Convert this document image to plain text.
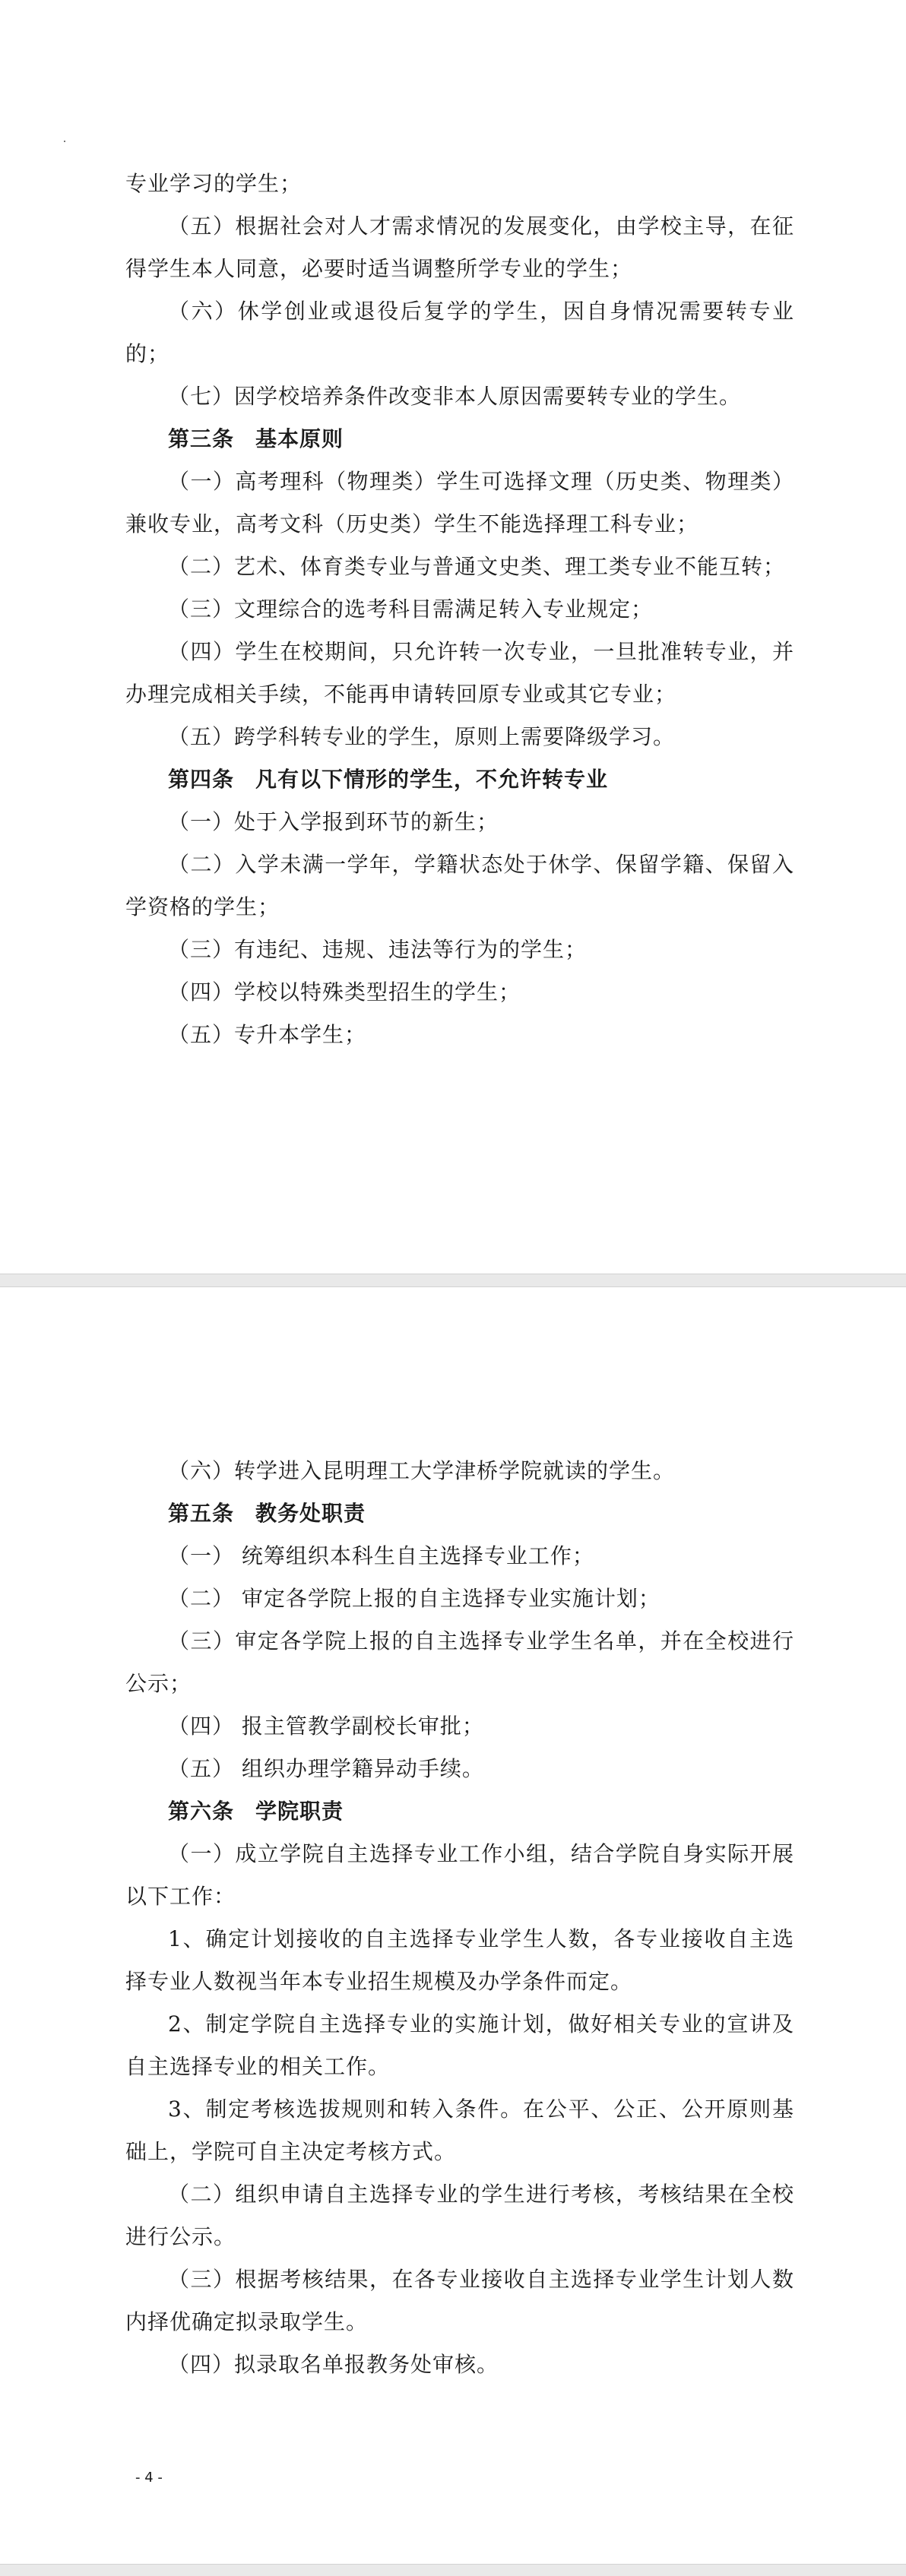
专业学习的学生；

（五）根据社会对人才需求情况的发展变化，由学校主导，在征得学生本人同意，必要时适当调整所学专业的学生；

（六）休学创业或退役后复学的学生，因自身情况需要转专业的；

（七）因学校培养条件改变非本人原因需要转专业的学生。

第三条 基本原则

（一）高考理科（物理类）学生可选择文理（历史类、物理类）兼收专业，高考文科（历史类）学生不能选择理工科专业；

（二）艺术、体育类专业与普通文史类、理工类专业不能互转；

（三）文理综合的选考科目需满足转入专业规定；

（四）学生在校期间，只允许转一次专业，一旦批准转专业，并办理完成相关手续，不能再申请转回原专业或其它专业；

（五）跨学科转专业的学生，原则上需要降级学习。

第四条 凡有以下情形的学生，不允许转专业

（一）处于入学报到环节的新生；

（二）入学未满一学年，学籍状态处于休学、保留学籍、保留入学资格的学生；

（三）有违纪、违规、违法等行为的学生；

（四）学校以特殊类型招生的学生；

（五）专升本学生；

（六）转学进入昆明理工大学津桥学院就读的学生。

第五条 教务处职责

（一） 统筹组织本科生自主选择专业工作；

（二） 审定各学院上报的自主选择专业实施计划；

（三）审定各学院上报的自主选择专业学生名单，并在全校进行公示；

（四） 报主管教学副校长审批；

（五） 组织办理学籍异动手续。

第六条 学院职责

（一）成立学院自主选择专业工作小组，结合学院自身实际开展以下工作：

1、确定计划接收的自主选择专业学生人数，各专业接收自主选择专业人数视当年本专业招生规模及办学条件而定。

2、制定学院自主选择专业的实施计划，做好相关专业的宣讲及自主选择专业的相关工作。

3、制定考核选拔规则和转入条件。在公平、公正、公开原则基础上，学院可自主决定考核方式。

（二）组织申请自主选择专业的学生进行考核，考核结果在全校进行公示。

（三）根据考核结果，在各专业接收自主选择专业学生计划人数内择优确定拟录取学生。

（四）拟录取名单报教务处审核。

- 4 -
